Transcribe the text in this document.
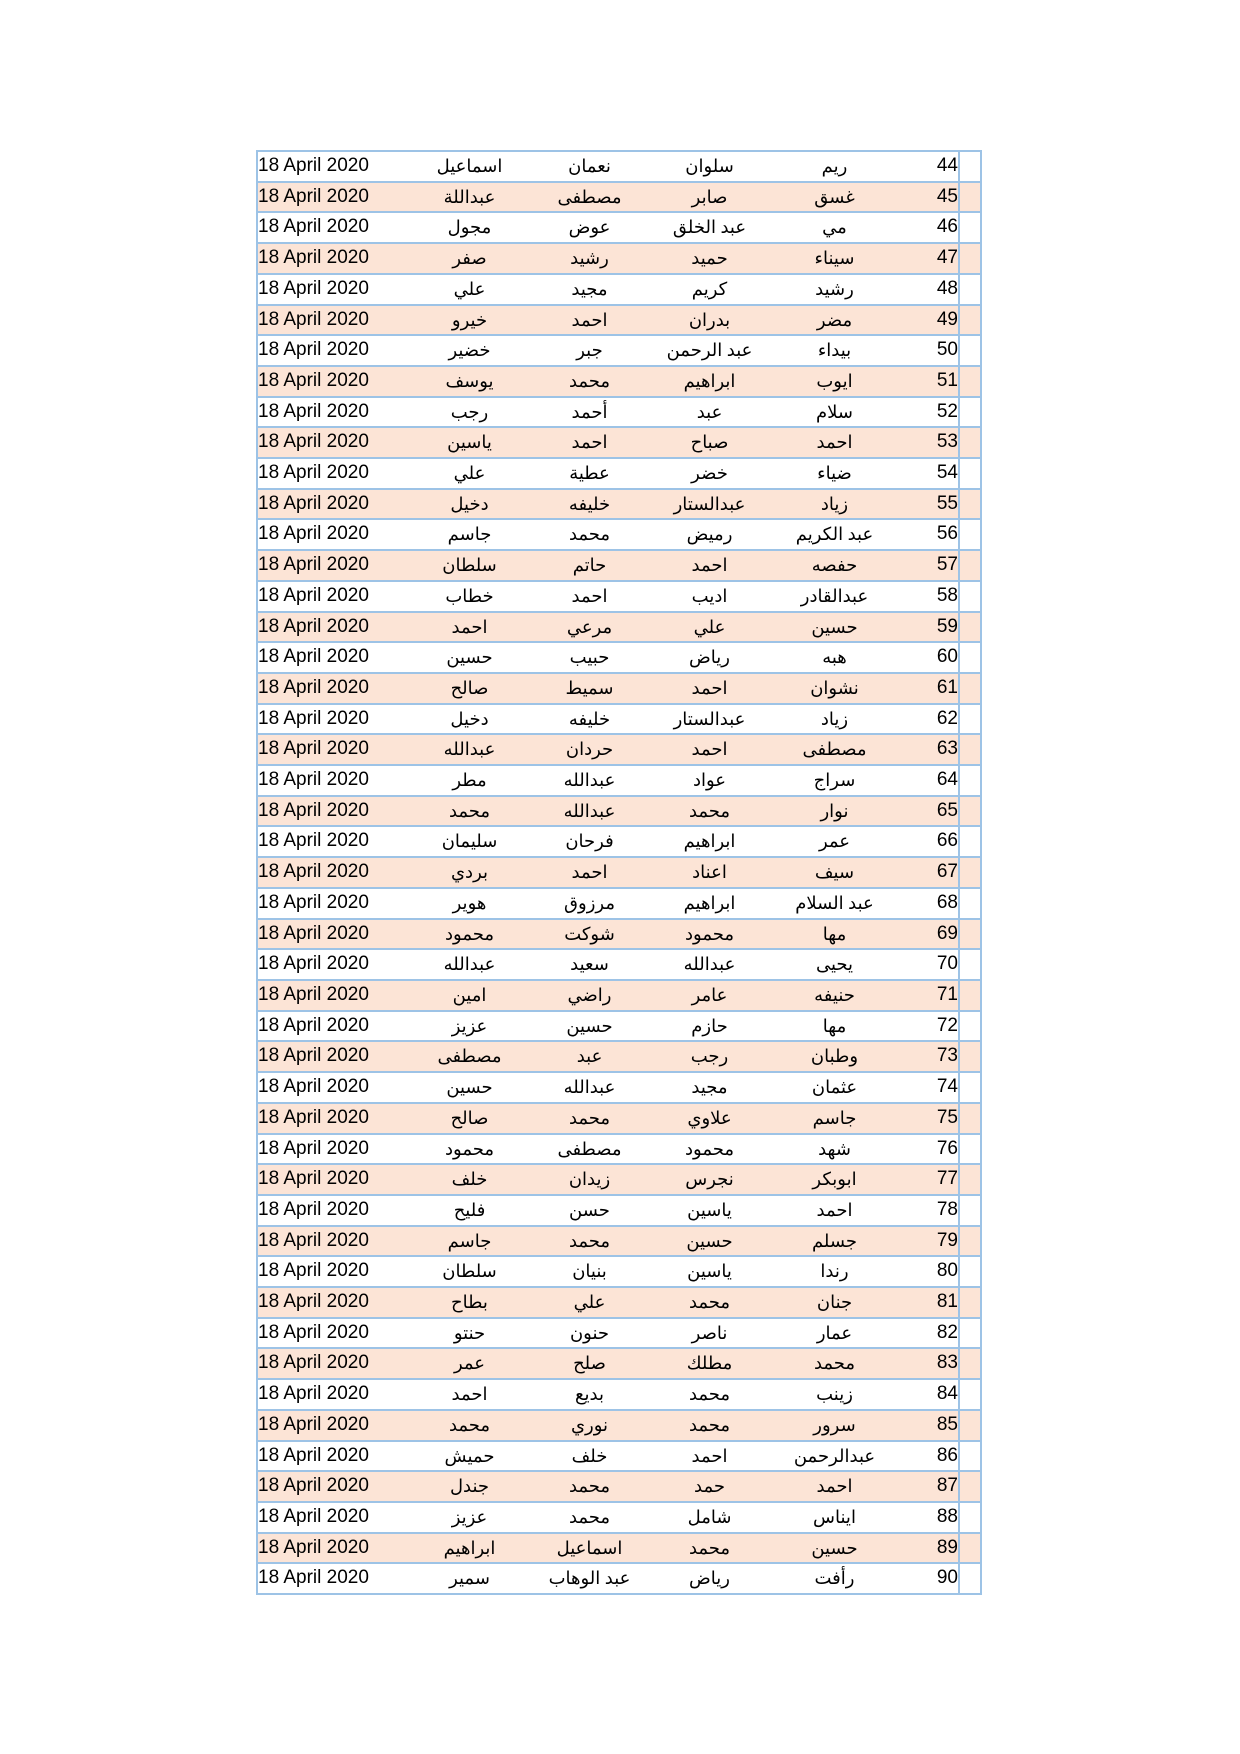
18 April 2020	اسماعيل	نعمان	سلوان	ريم	44	
18 April 2020	عبداللة	مصطفى	صابر	غسق	45	
18 April 2020	مجول	عوض	عبد الخلق	مي	46	
18 April 2020	صفر	رشيد	حميد	سيناء	47	
18 April 2020	علي	مجيد	كريم	رشيد	48	
18 April 2020	خيرو	احمد	بدران	مضر	49	
18 April 2020	خضير	جبر	عبد الرحمن	بيداء	50	
18 April 2020	يوسف	محمد	ابراهيم	ايوب	51	
18 April 2020	رجب	أحمد	عبد	سلام	52	
18 April 2020	ياسين	احمد	صباح	احمد	53	
18 April 2020	علي	عطية	خضر	ضياء	54	
18 April 2020	دخيل	خليفه	عبدالستار	زياد	55	
18 April 2020	جاسم	محمد	رميض	عبد الكريم	56	
18 April 2020	سلطان	حاتم	احمد	حفصه	57	
18 April 2020	خطاب	احمد	اديب	عبدالقادر	58	
18 April 2020	احمد	مرعي	علي	حسين	59	
18 April 2020	حسين	حبيب	رياض	هبه	60	
18 April 2020	صالح	سميط	احمد	نشوان	61	
18 April 2020	دخيل	خليفه	عبدالستار	زياد	62	
18 April 2020	عبدالله	حردان	احمد	مصطفى	63	
18 April 2020	مطر	عبدالله	عواد	سراج	64	
18 April 2020	محمد	عبدالله	محمد	نوار	65	
18 April 2020	سليمان	فرحان	ابراهيم	عمر	66	
18 April 2020	بردي	احمد	اعناد	سيف	67	
18 April 2020	هوير	مرزوق	ابراهيم	عبد السلام	68	
18 April 2020	محمود	شوكت	محمود	مها	69	
18 April 2020	عبدالله	سعيد	عبدالله	يحيى	70	
18 April 2020	امين	راضي	عامر	حنيفه	71	
18 April 2020	عزيز	حسين	حازم	مها	72	
18 April 2020	مصطفى	عبد	رجب	وطبان	73	
18 April 2020	حسين	عبدالله	مجيد	عثمان	74	
18 April 2020	صالح	محمد	علاوي	جاسم	75	
18 April 2020	محمود	مصطفى	محمود	شهد	76	
18 April 2020	خلف	زيدان	نجرس	ابوبكر	77	
18 April 2020	فليح	حسن	ياسين	احمد	78	
18 April 2020	جاسم	محمد	حسين	جسلم	79	
18 April 2020	سلطان	بنيان	ياسين	رندا	80	
18 April 2020	بطاح	علي	محمد	جنان	81	
18 April 2020	حنتو	حنون	ناصر	عمار	82	
18 April 2020	عمر	صلح	مطلك	محمد	83	
18 April 2020	احمد	بديع	محمد	زينب	84	
18 April 2020	محمد	نوري	محمد	سرور	85	
18 April 2020	حميش	خلف	احمد	عبدالرحمن	86	
18 April 2020	جندل	محمد	حمد	احمد	87	
18 April 2020	عزيز	محمد	شامل	ايناس	88	
18 April 2020	ابراهيم	اسماعيل	محمد	حسين	89	
18 April 2020	سمير	عبد الوهاب	رياض	رأفت	90	
